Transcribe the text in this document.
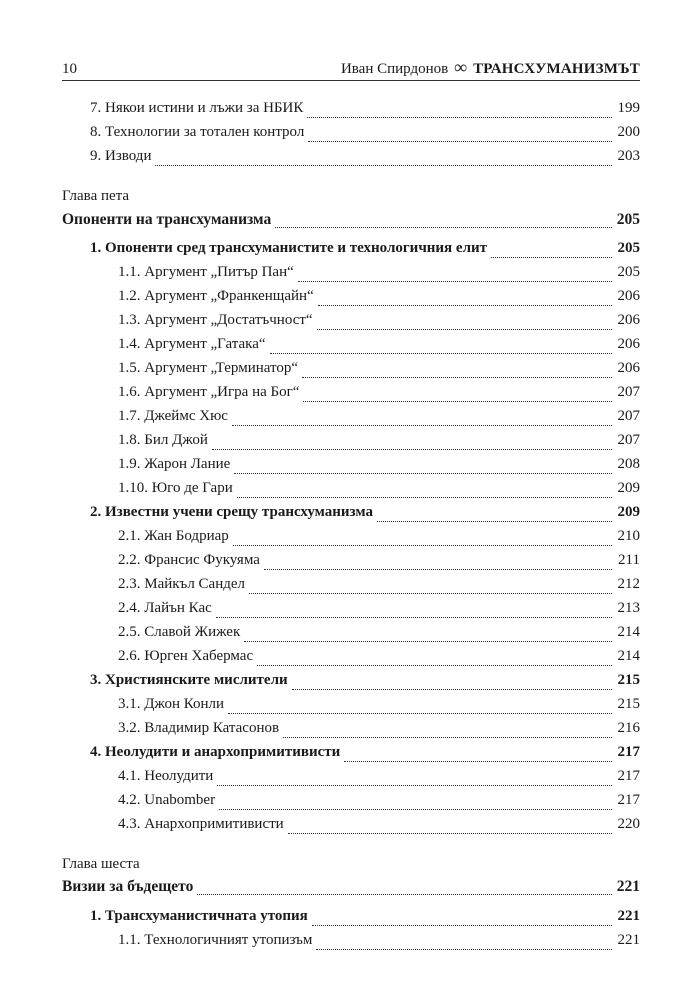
10	Иван Спирдонов ∞ ТРАНСХУМАНИЗМЪТ
7. Някои истини и лъжи за НБИК	199
8. Технологии за тотален контрол	200
9. Изводи	203
Глава пета
Опоненти на трансхуманизма	205
1. Опоненти сред трансхуманистите и технологичния елит	205
1.1. Аргумент „Питър Пан“	205
1.2. Аргумент „Франкенщайн“	206
1.3. Аргумент „Достатъчност“	206
1.4. Аргумент „Гатака“	206
1.5. Аргумент „Терминатор“	206
1.6. Аргумент „Игра на Бог“	207
1.7. Джеймс Хюс	207
1.8. Бил Джой	207
1.9. Жарон Лание	208
1.10. Юго де Гари	209
2. Известни учени срещу трансхуманизма	209
2.1. Жан Бодриар	210
2.2. Франсис Фукуяма	211
2.3. Майкъл Сандел	212
2.4. Лайън Кас	213
2.5. Славой Жижек	214
2.6. Юрген Хабермас	214
3. Християнските мислители	215
3.1. Джон Конли	215
3.2. Владимир Катасонов	216
4. Неолудити и анархопримитивисти	217
4.1. Неолудити	217
4.2. Unabomber	217
4.3. Анархопримитивисти	220
Глава шеста
Визии за бъдещето	221
1. Трансхуманистичната утопия	221
1.1. Технологичният утопизъм	221
